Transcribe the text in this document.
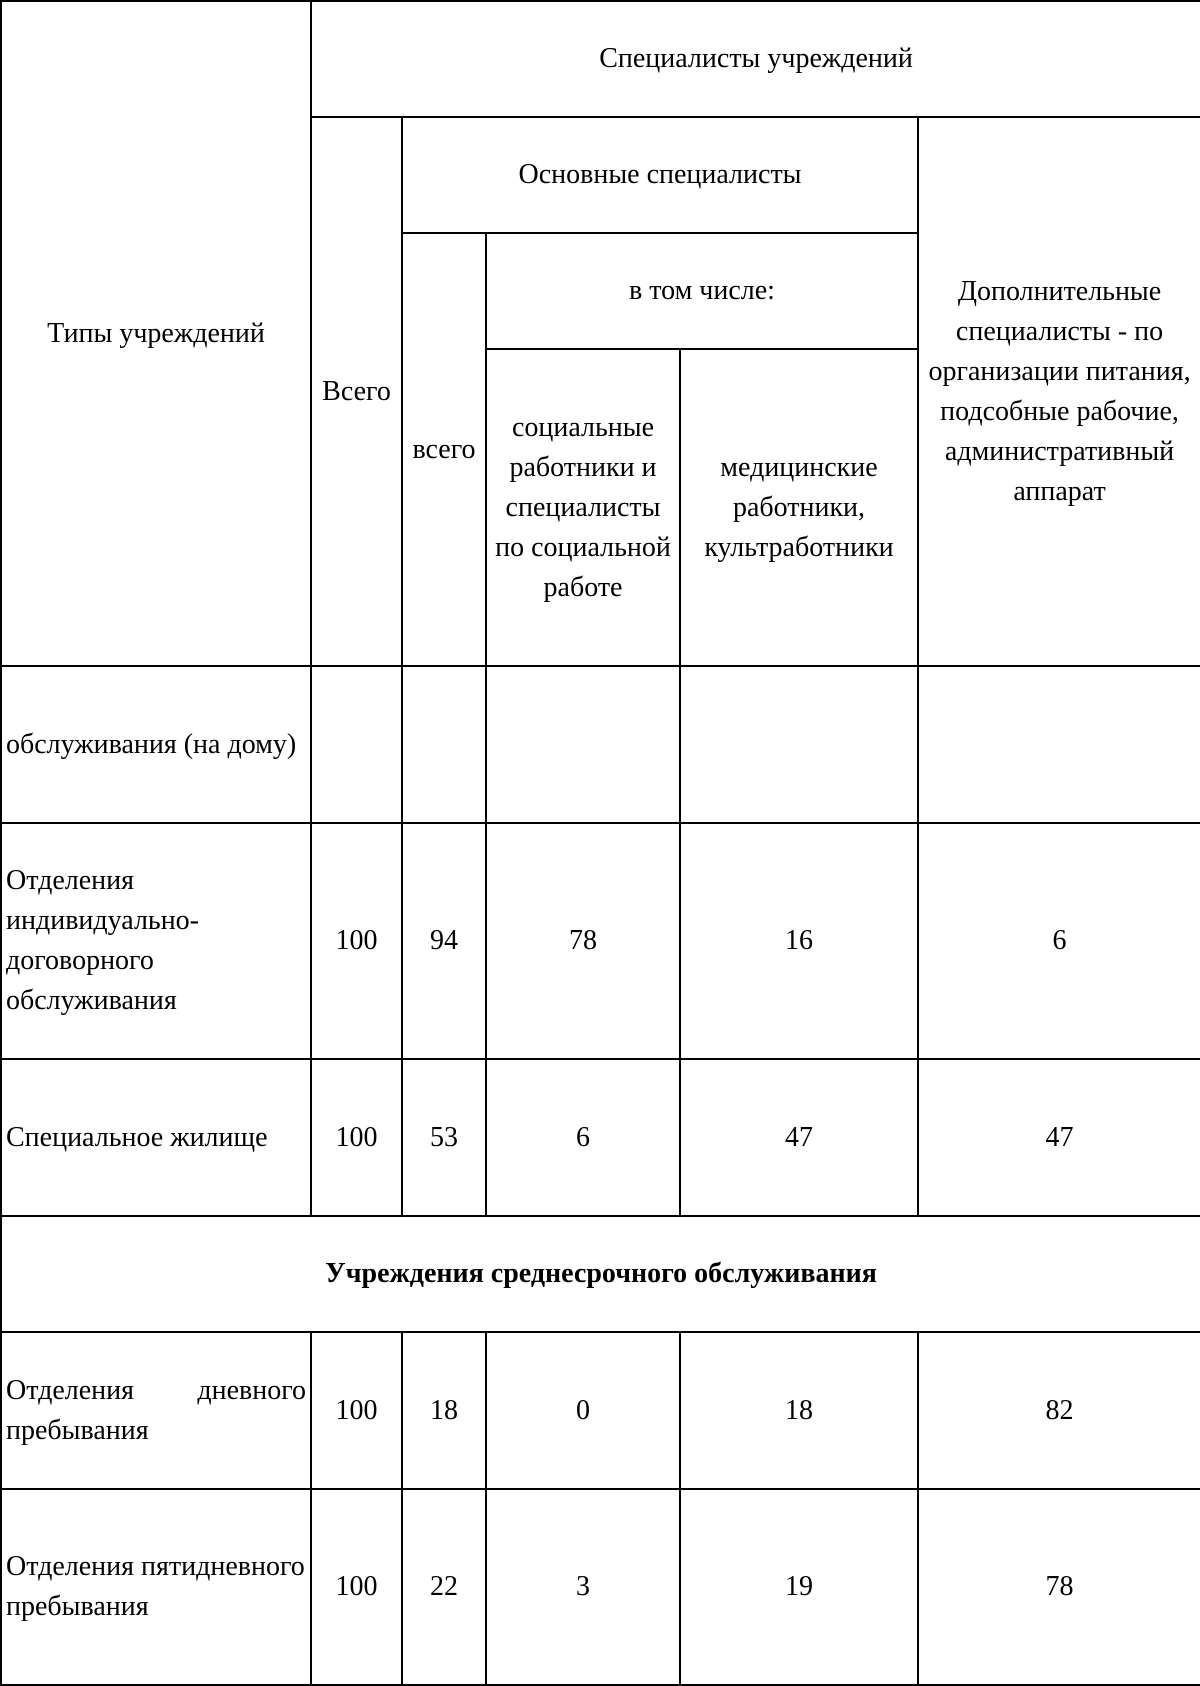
Типы учреждений	Специалисты учреждений				
	Всего	Основные специалисты			Дополнительные специалисты - по организации питания, подсобные рабочие, административный аппарат
		всего	в том числе:		
			социальные работники и специалисты по социальной работе	медицинские работники, культработники	
обслуживания (на дому)					
Отделения индивидуально-договорного обслуживания	100	94	78	16	6
Специальное жилище	100	53	6	47	47
Учреждения среднесрочного обслуживания					
Отделения дневного пребывания	100	18	0	18	82
Отделения пятидневного пребывания	100	22	3	19	78
